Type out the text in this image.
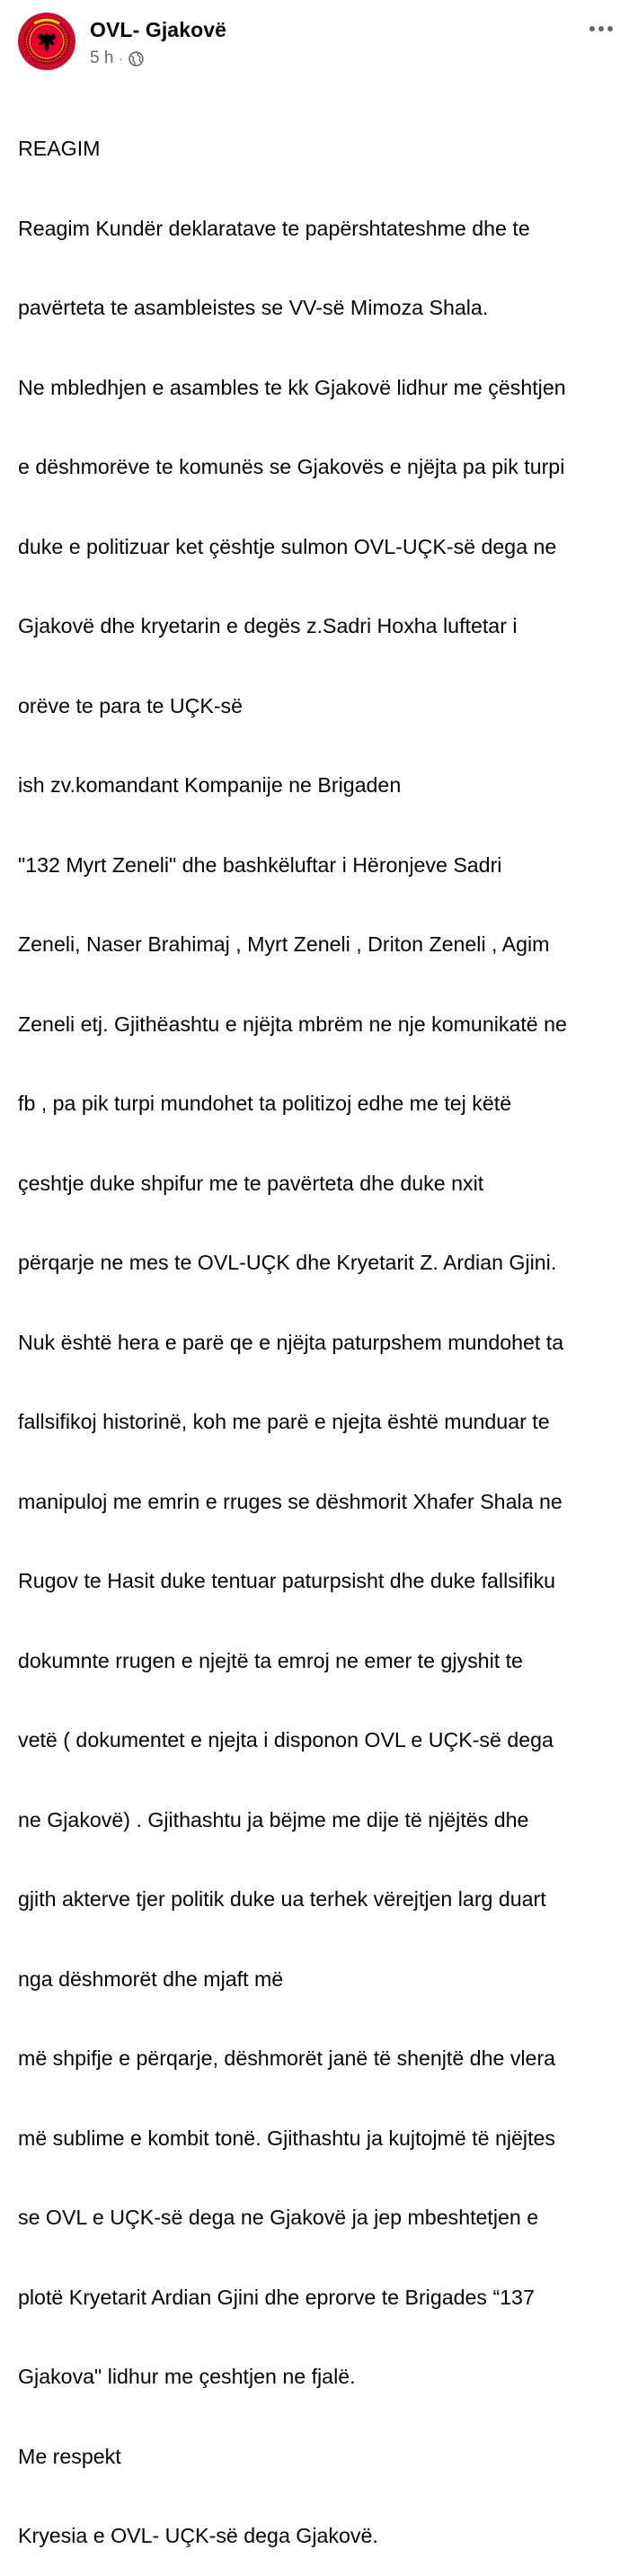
OVL- Gjakovë
5 h ·

REAGIM

Reagim Kundër deklaratave te papërshtateshme dhe te

pavërteta te asambleistes se VV-së Mimoza Shala.

Ne mbledhjen e asambles te kk Gjakovë lidhur me çështjen

e dëshmorëve te komunës se Gjakovës e njëjta pa pik turpi

duke e politizuar ket çështje sulmon OVL-UÇK-së dega ne

Gjakovë dhe kryetarin e degës z.Sadri Hoxha luftetar i

orëve te para te UÇK-së

ish zv.komandant Kompanije ne Brigaden

"132 Myrt Zeneli" dhe bashkëluftar i Hëronjeve Sadri

Zeneli, Naser Brahimaj , Myrt Zeneli , Driton Zeneli , Agim

Zeneli etj. Gjithëashtu e njëjta mbrëm ne nje komunikatë ne

fb , pa pik turpi mundohet ta politizoj edhe me tej këtë

çeshtje duke shpifur me te pavërteta dhe duke nxit

përqarje ne mes te OVL-UÇK dhe Kryetarit Z. Ardian Gjini.

Nuk është hera e parë qe e njëjta paturpshem mundohet ta

fallsifikoj historinë, koh me parë e njejta është munduar te

manipuloj me emrin e rruges se dëshmorit Xhafer Shala ne

Rugov te Hasit duke tentuar paturpsisht dhe duke fallsifiku

dokumnte rrugen e njejtë ta emroj ne emer te gjyshit te

vetë ( dokumentet e njejta i disponon OVL e UÇK-së dega

ne Gjakovë) . Gjithashtu ja bëjme me dije të njëjtës dhe

gjith akterve tjer politik duke ua terhek vërejtjen larg duart

nga dëshmorët dhe mjaft më

më shpifje e përqarje, dëshmorët janë të shenjtë dhe vlera

më sublime e kombit tonë. Gjithashtu ja kujtojmë të njëjtes

se OVL e UÇK-së dega ne Gjakovë ja jep mbeshtetjen e

plotë Kryetarit Ardian Gjini dhe eprorve te Brigades “137

Gjakova" lidhur me çeshtjen ne fjalë.

Me respekt

Kryesia e OVL- UÇK-së dega Gjakovë.
